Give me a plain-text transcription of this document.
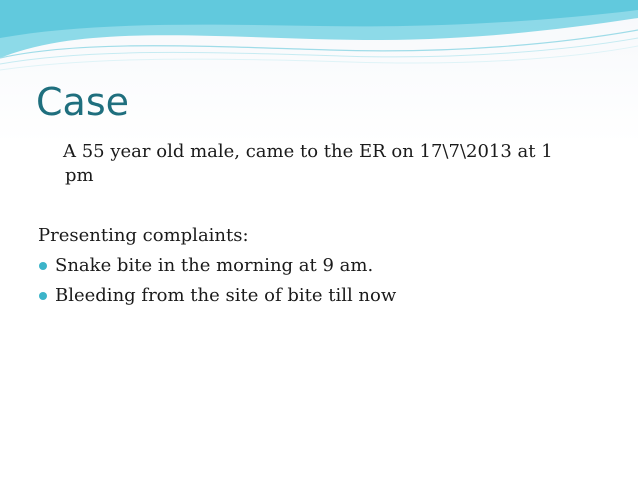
Case
A 55 year old male, came to the ER on 17\7\2013 at 1
pm
Presenting complaints:
Snake bite in the morning at 9 am.
Bleeding from the site of bite till now
